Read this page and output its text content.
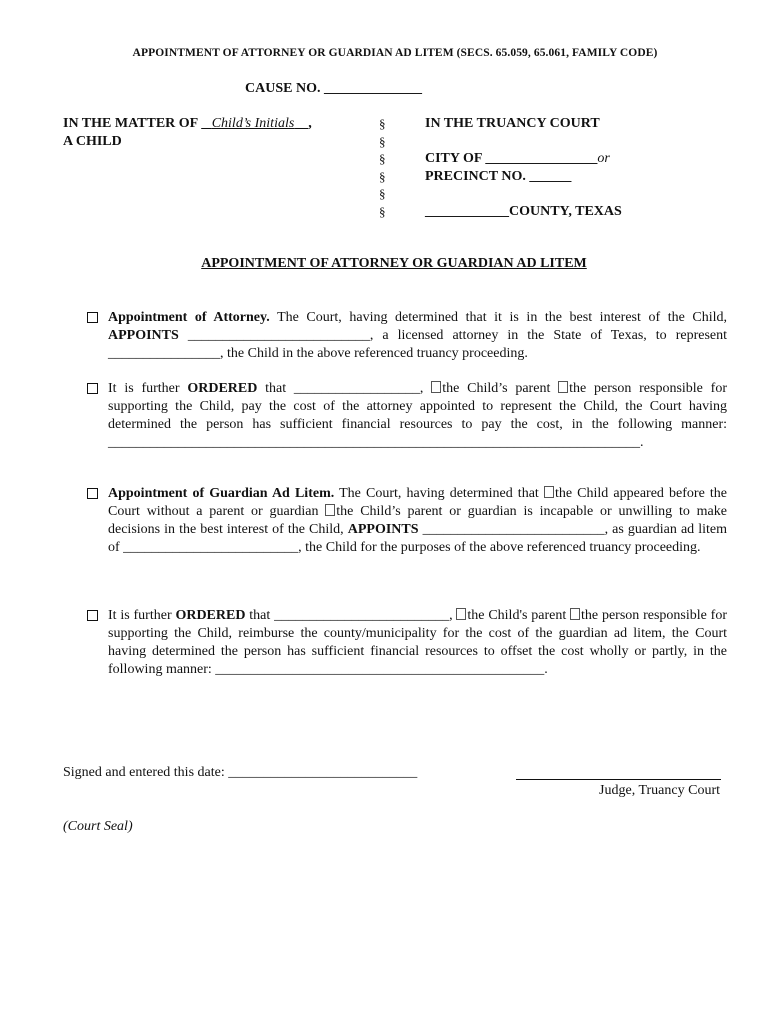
APPOINTMENT OF ATTORNEY OR GUARDIAN AD LITEM (SECS. 65.059, 65.061, FAMILY CODE)
CAUSE NO. ______________
IN THE MATTER OF Child’s Initials ,
A CHILD
§
§
§
§
§
§
IN THE TRUANCY COURT
CITY OF ________________or
PRECINCT NO. ______
____________COUNTY, TEXAS
APPOINTMENT OF ATTORNEY OR GUARDIAN AD LITEM
Appointment of Attorney. The Court, having determined that it is in the best interest of the Child, APPOINTS __________________________, a licensed attorney in the State of Texas, to represent ________________, the Child in the above referenced truancy proceeding.
It is further ORDERED that __________________, the Child’s parent the person responsible for supporting the Child, pay the cost of the attorney appointed to represent the Child, the Court having determined the person has sufficient financial resources to pay the cost, in the following manner: ____________________________________________________________________________.
Appointment of Guardian Ad Litem. The Court, having determined that the Child appeared before the Court without a parent or guardian the Child’s parent or guardian is incapable or unwilling to make decisions in the best interest of the Child, APPOINTS __________________________, as guardian ad litem of _________________________, the Child for the purposes of the above referenced truancy proceeding.
It is further ORDERED that _________________________, the Child's parent the person responsible for supporting the Child, reimburse the county/municipality for the cost of the guardian ad litem, the Court having determined the person has sufficient financial resources to offset the cost wholly or partly, in the following manner: _______________________________________________.
Signed and entered this date: ___________________________
Judge, Truancy Court
(Court Seal)
